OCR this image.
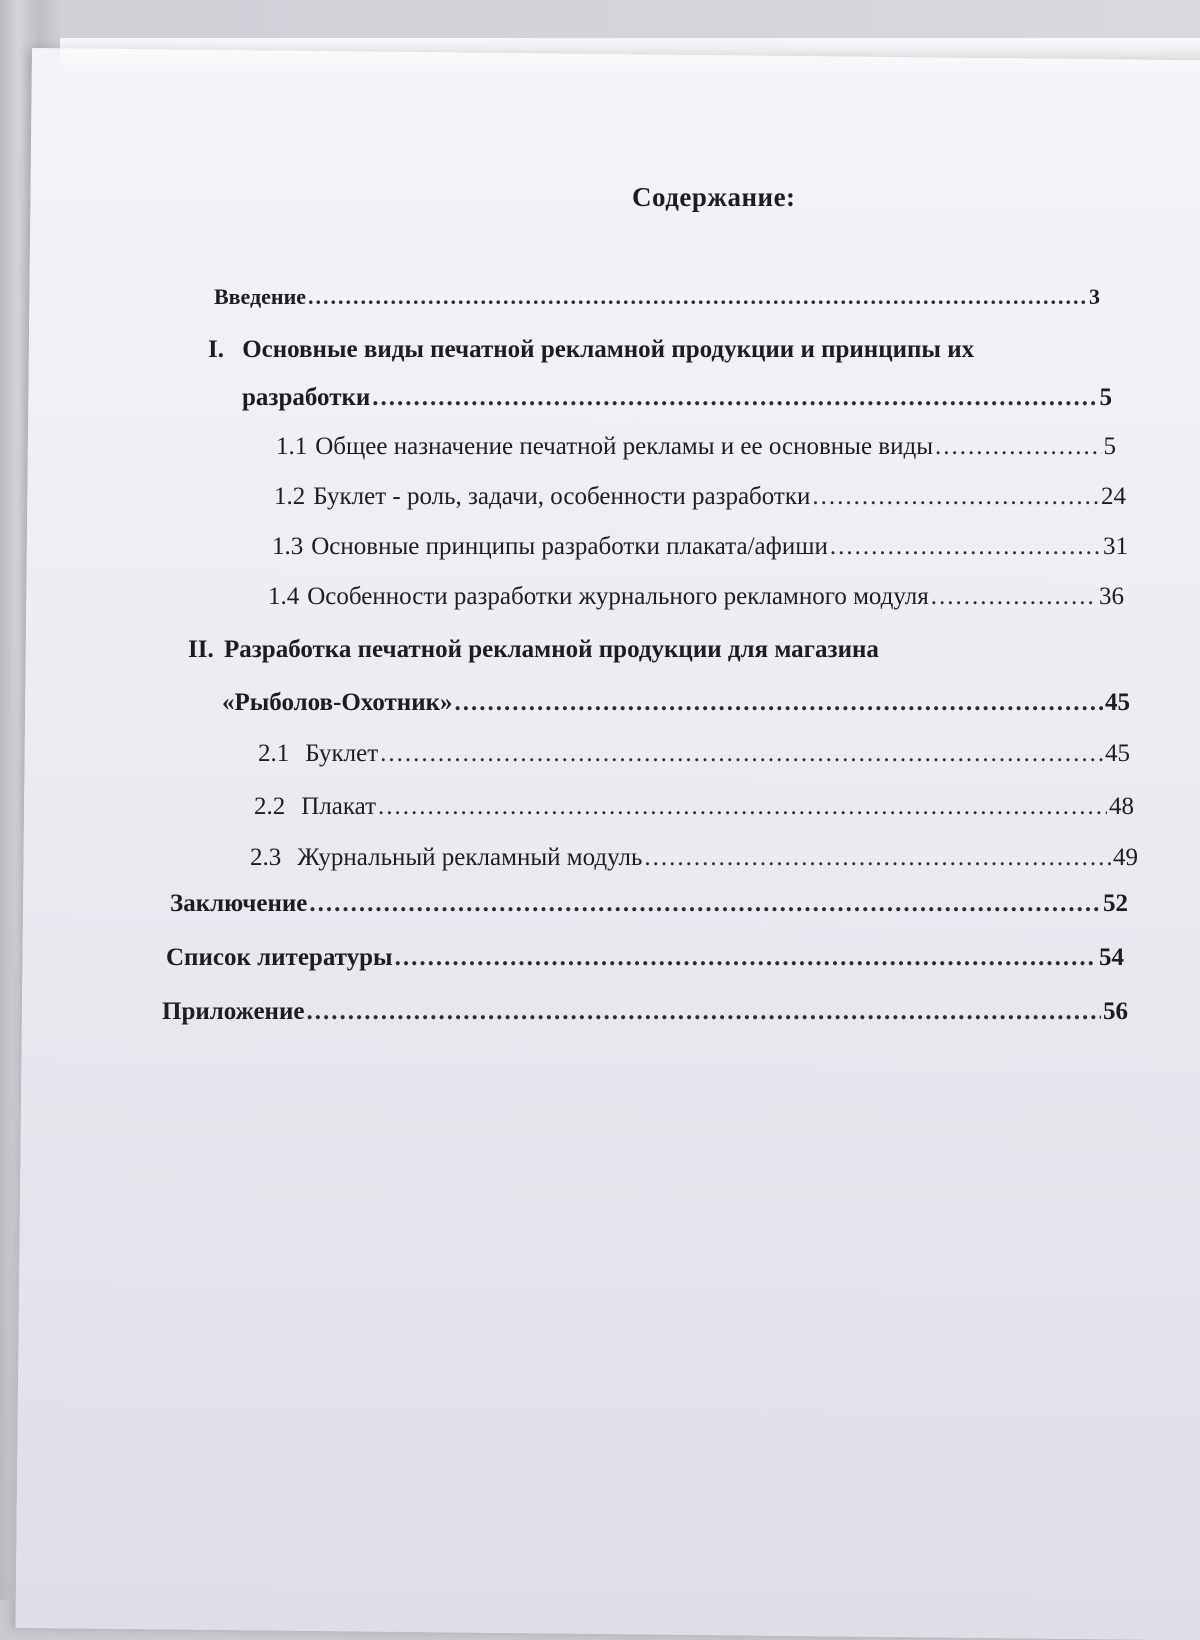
Содержание:
Введение .....	3
I. Основные виды печатной рекламной продукции и принципы их
разработки .....	5
1.1 Общее назначение печатной рекламы и ее основные виды .....	5
1.2 Буклет - роль, задачи, особенности разработки .....	24
1.3 Основные принципы разработки плаката/афиши .....	31
1.4 Особенности разработки журнального рекламного модуля .....	36
II. Разработка печатной рекламной продукции для магазина
«Рыболов-Охотник» .....	45
2.1 Буклет .....	45
2.2 Плакат .....	48
2.3 Журнальный рекламный модуль .....	49
Заключение .....	52
Список литературы .....	54
Приложение .....	56
